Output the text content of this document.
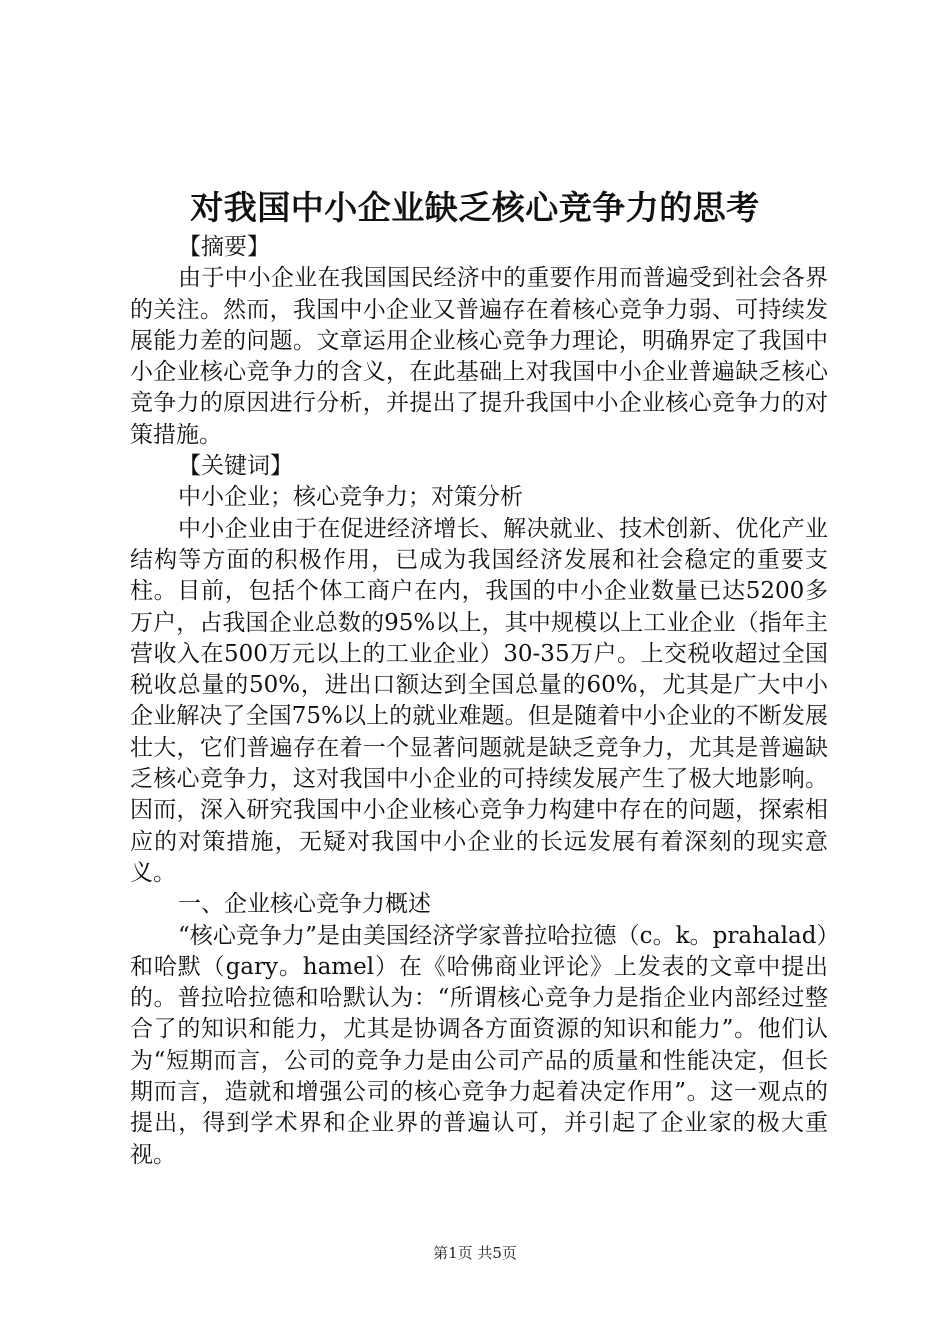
对我国中小企业缺乏核心竞争力的思考

【摘要】

由于中小企业在我国国民经济中的重要作用而普遍受到社会各界的关注。然而，我国中小企业又普遍存在着核心竞争力弱、可持续发展能力差的问题。文章运用企业核心竞争力理论，明确界定了我国中小企业核心竞争力的含义，在此基础上对我国中小企业普遍缺乏核心竞争力的原因进行分析，并提出了提升我国中小企业核心竞争力的对策措施。

【关键词】

中小企业；核心竞争力；对策分析

中小企业由于在促进经济增长、解决就业、技术创新、优化产业结构等方面的积极作用，已成为我国经济发展和社会稳定的重要支柱。目前，包括个体工商户在内，我国的中小企业数量已达5200多万户，占我国企业总数的95%以上，其中规模以上工业企业（指年主营收入在500万元以上的工业企业）30-35万户。上交税收超过全国税收总量的50%，进出口额达到全国总量的60%，尤其是广大中小企业解决了全国75%以上的就业难题。但是随着中小企业的不断发展壮大，它们普遍存在着一个显著问题就是缺乏竞争力，尤其是普遍缺乏核心竞争力，这对我国中小企业的可持续发展产生了极大地影响。因而，深入研究我国中小企业核心竞争力构建中存在的问题，探索相应的对策措施，无疑对我国中小企业的长远发展有着深刻的现实意义。

一、企业核心竞争力概述

“核心竞争力”是由美国经济学家普拉哈拉德（c。k。prahalad）和哈默（gary。hamel）在《哈佛商业评论》上发表的文章中提出的。普拉哈拉德和哈默认为：“所谓核心竞争力是指企业内部经过整合了的知识和能力，尤其是协调各方面资源的知识和能力”。他们认为“短期而言，公司的竞争力是由公司产品的质量和性能决定，但长期而言，造就和增强公司的核心竞争力起着决定作用”。这一观点的提出，得到学术界和企业界的普遍认可，并引起了企业家的极大重视。

第1页 共5页
